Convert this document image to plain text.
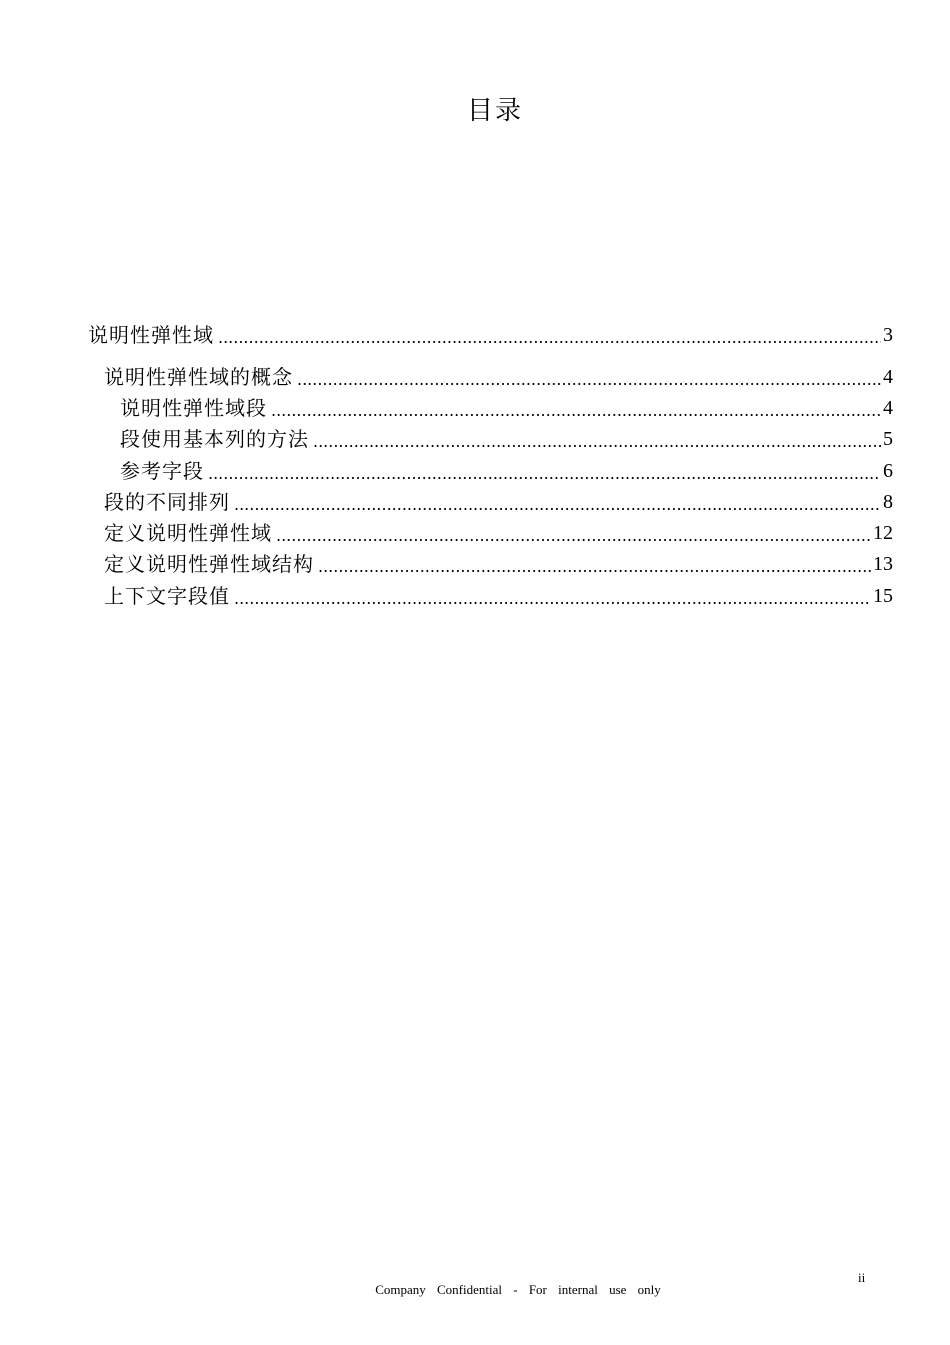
目录
说明性弹性域 .....	3
说明性弹性域的概念 .....	4
说明性弹性域段 .....	4
段使用基本列的方法 .....	5
参考字段 .....	6
段的不同排列 .....	8
定义说明性弹性域 .....	12
定义说明性弹性域结构 .....	13
上下文字段值 .....	15
ii
Company Confidential - For internal use only
